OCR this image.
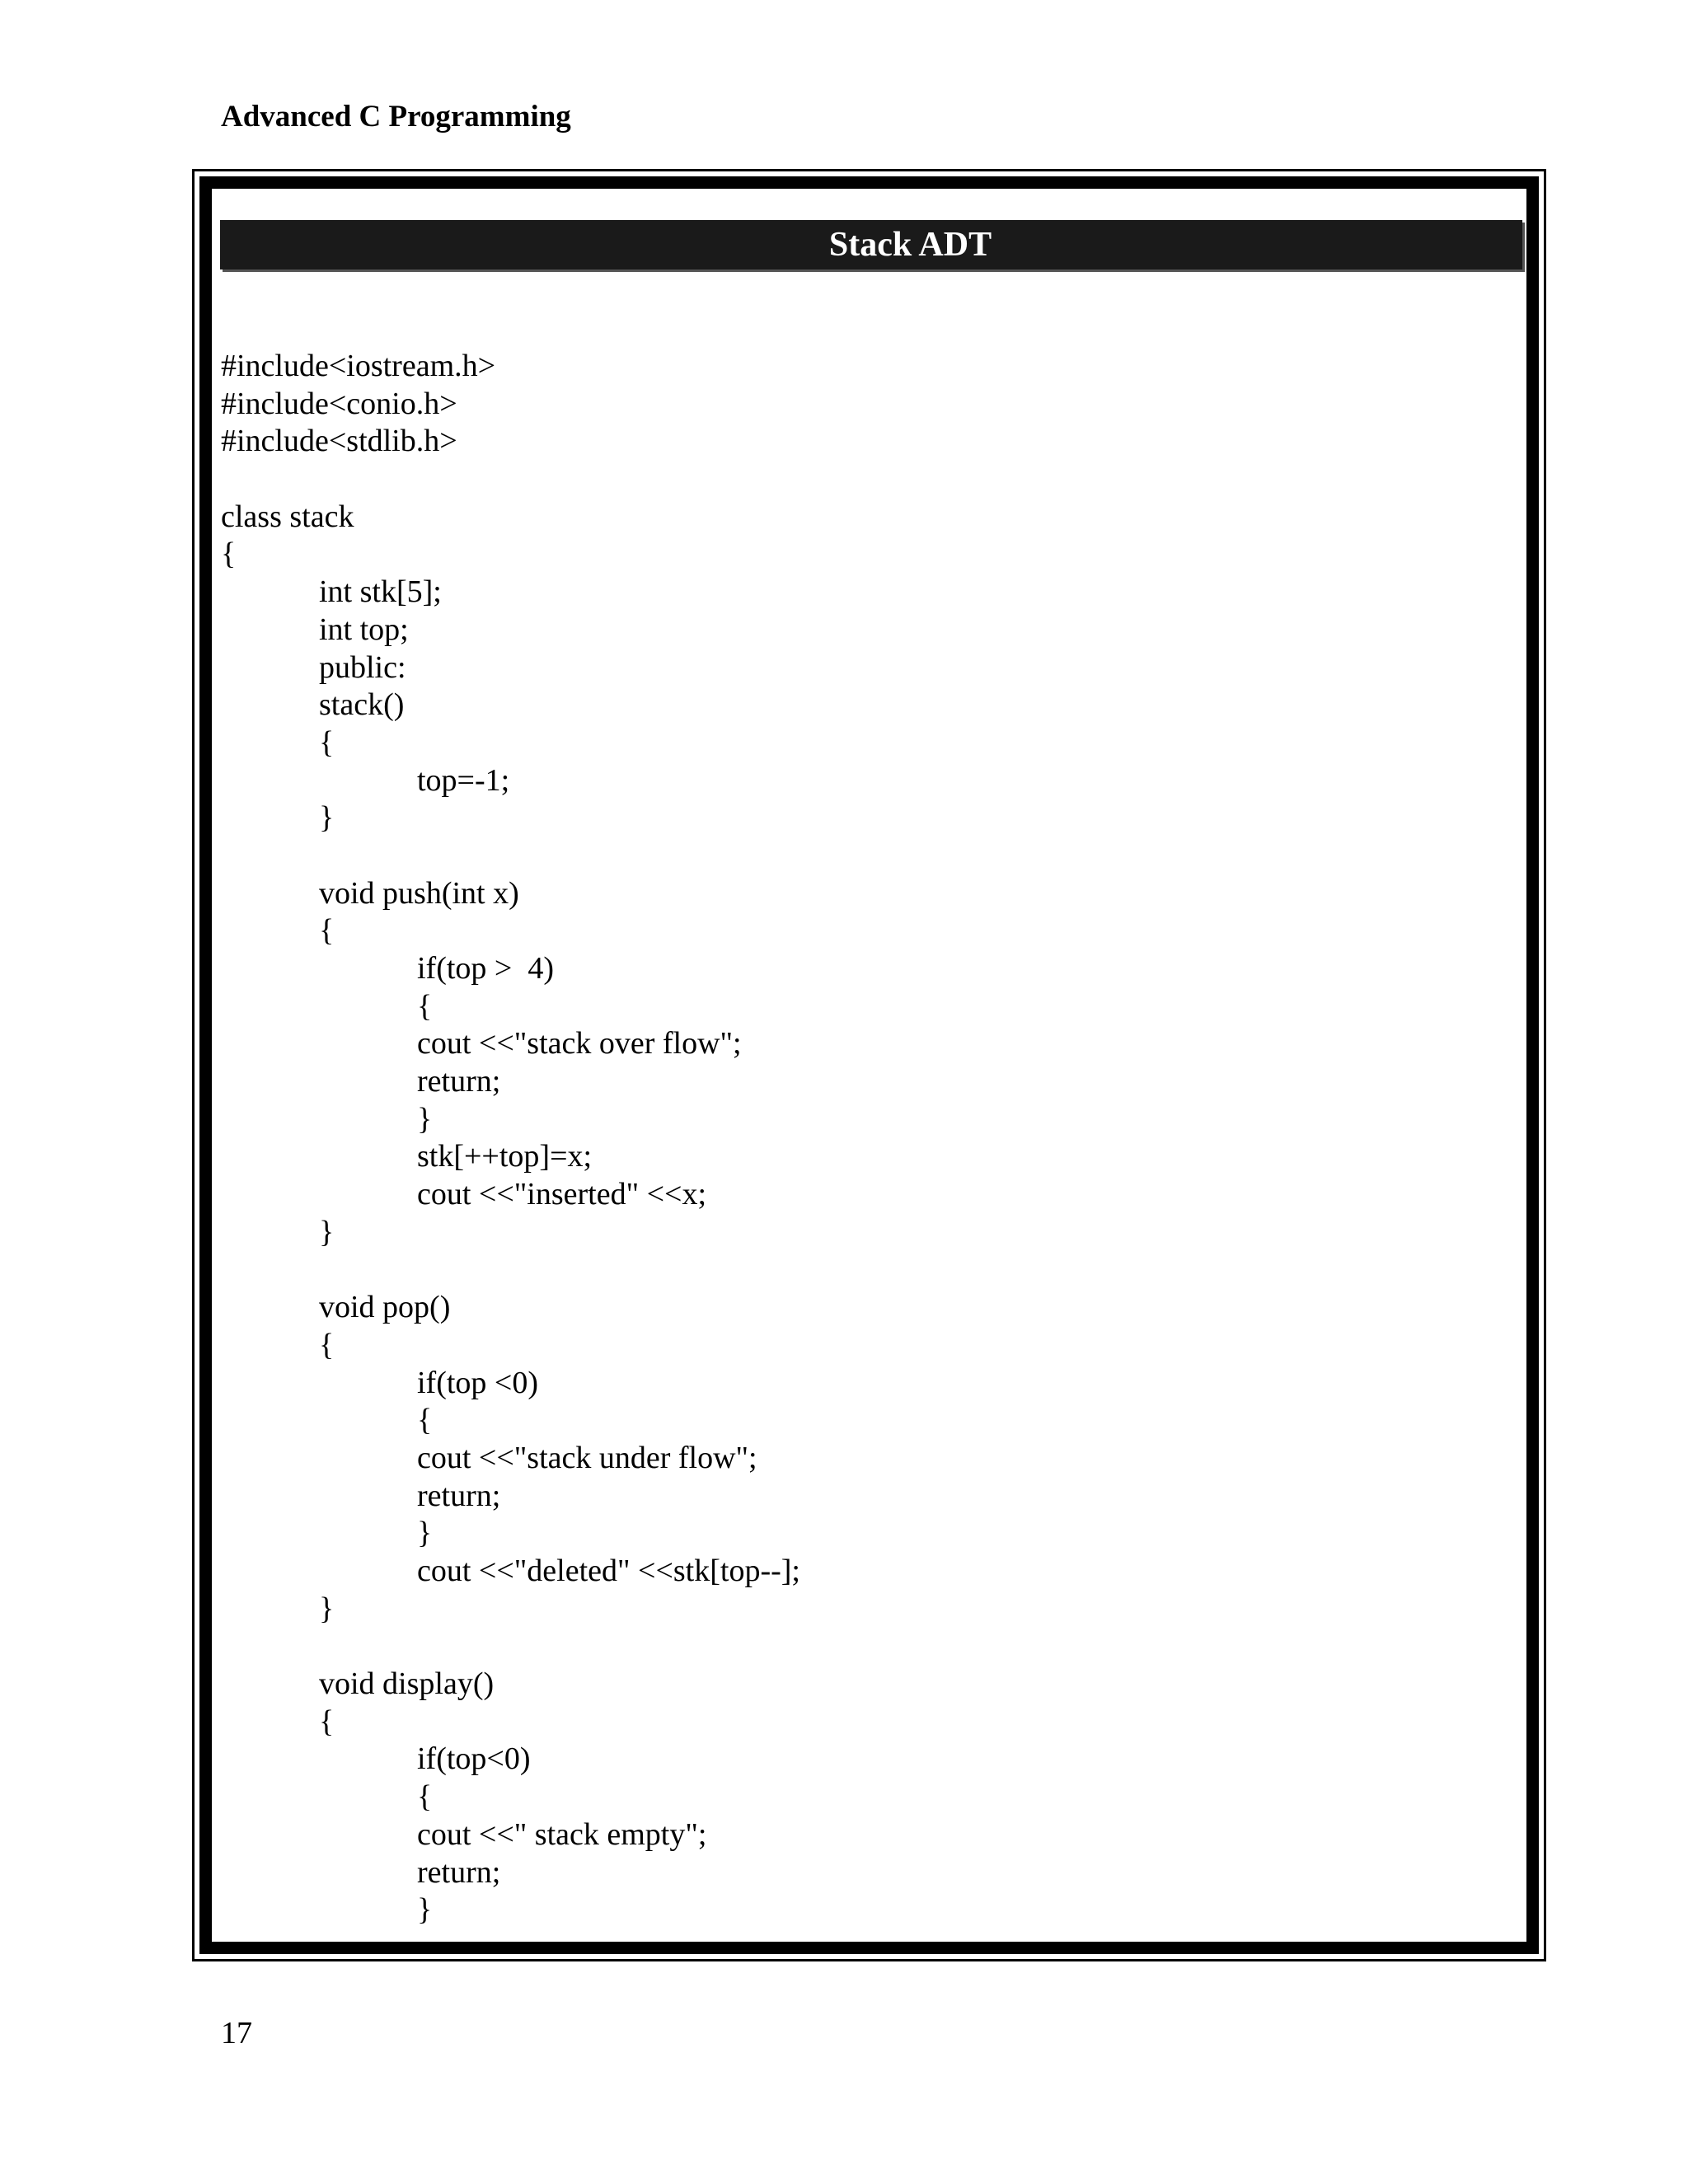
Advanced C Programming
Stack ADT
#include<iostream.h>
#include<conio.h>
#include<stdlib.h>
class stack
{
int stk[5];
int top;
public:
stack()
{
top=-1;
}
void push(int x)
{
if(top >  4)
{
cout <<"stack over flow";
return;
}
stk[++top]=x;
cout <<"inserted" <<x;
}
void pop()
{
if(top <0)
{
cout <<"stack under flow";
return;
}
cout <<"deleted" <<stk[top--];
}
void display()
{
if(top<0)
{
cout <<" stack empty";
return;
}
17
